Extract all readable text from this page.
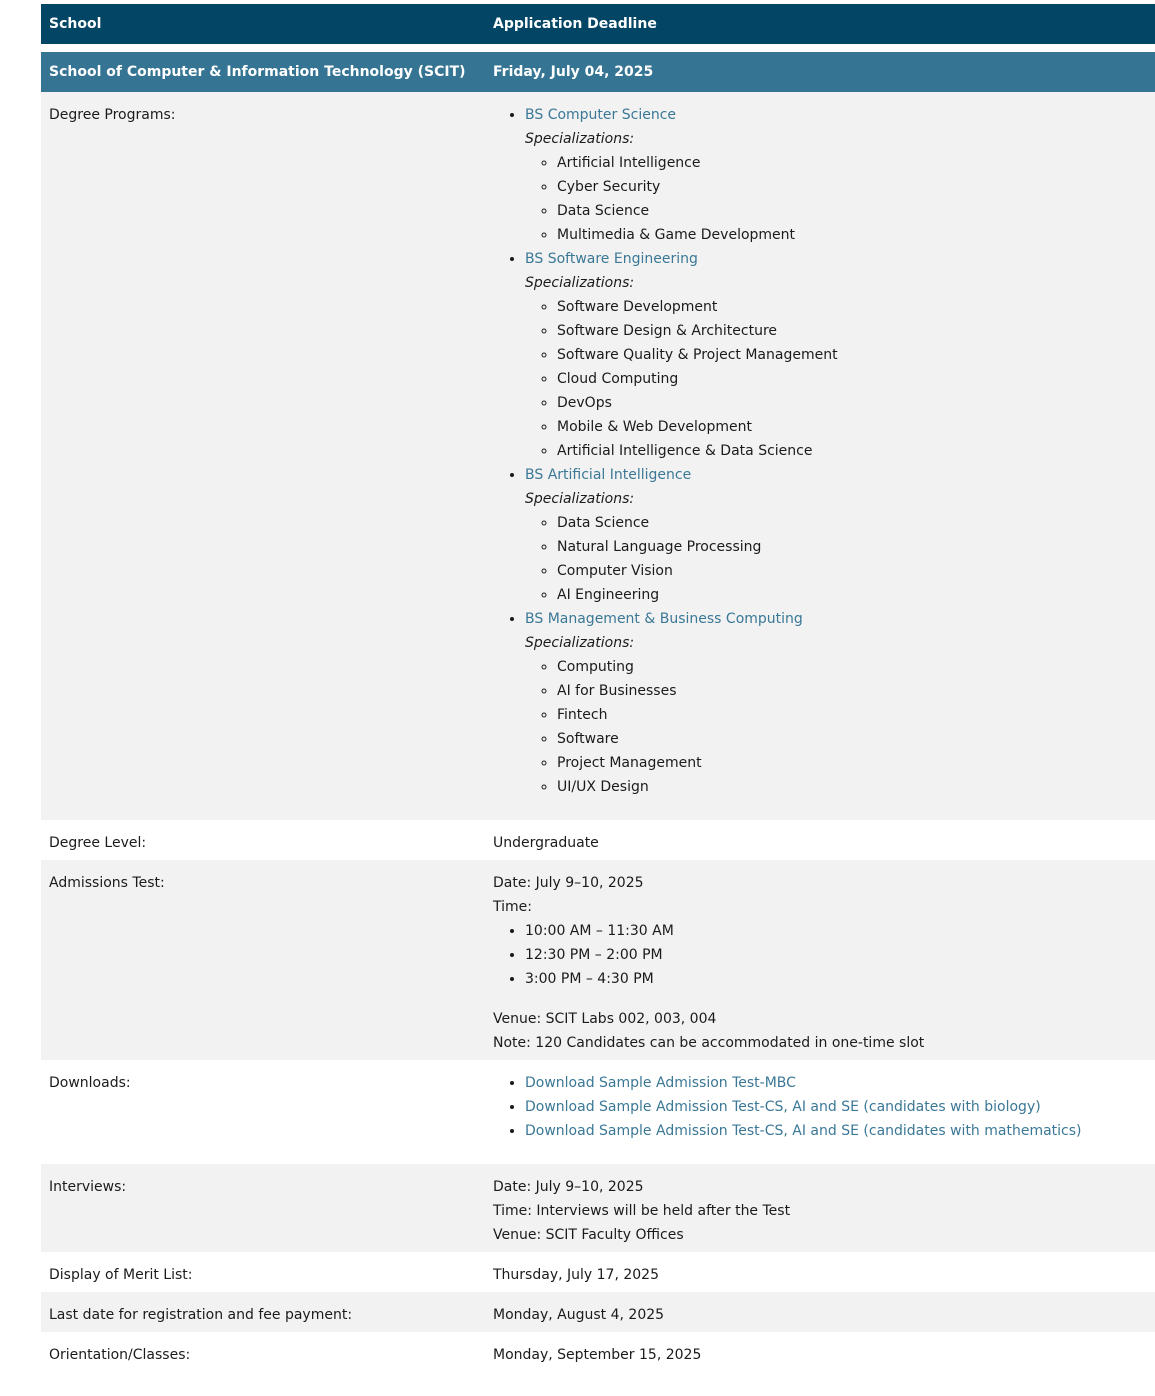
School	Application Deadline
School of Computer & Information Technology (SCIT)	Friday, July 04, 2025
Degree Programs:	• BS Computer Science
Specializations:
◦ Artificial Intelligence
◦ Cyber Security
◦ Data Science
◦ Multimedia & Game Development
• BS Software Engineering
Specializations:
◦ Software Development
◦ Software Design & Architecture
◦ Software Quality & Project Management
◦ Cloud Computing
◦ DevOps
◦ Mobile & Web Development
◦ Artificial Intelligence & Data Science
• BS Artificial Intelligence
Specializations:
◦ Data Science
◦ Natural Language Processing
◦ Computer Vision
◦ AI Engineering
• BS Management & Business Computing
Specializations:
◦ Computing
◦ AI for Businesses
◦ Fintech
◦ Software
◦ Project Management
◦ UI/UX Design
Degree Level:	Undergraduate
Admissions Test:	Date: July 9–10, 2025
Time:
• 10:00 AM – 11:30 AM
• 12:30 PM – 2:00 PM
• 3:00 PM – 4:30 PM
Venue: SCIT Labs 002, 003, 004
Note: 120 Candidates can be accommodated in one-time slot
Downloads:	• Download Sample Admission Test-MBC
• Download Sample Admission Test-CS, AI and SE (candidates with biology)
• Download Sample Admission Test-CS, AI and SE (candidates with mathematics)
Interviews:	Date: July 9–10, 2025
Time: Interviews will be held after the Test
Venue: SCIT Faculty Offices
Display of Merit List:	Thursday, July 17, 2025
Last date for registration and fee payment:	Monday, August 4, 2025
Orientation/Classes:	Monday, September 15, 2025
